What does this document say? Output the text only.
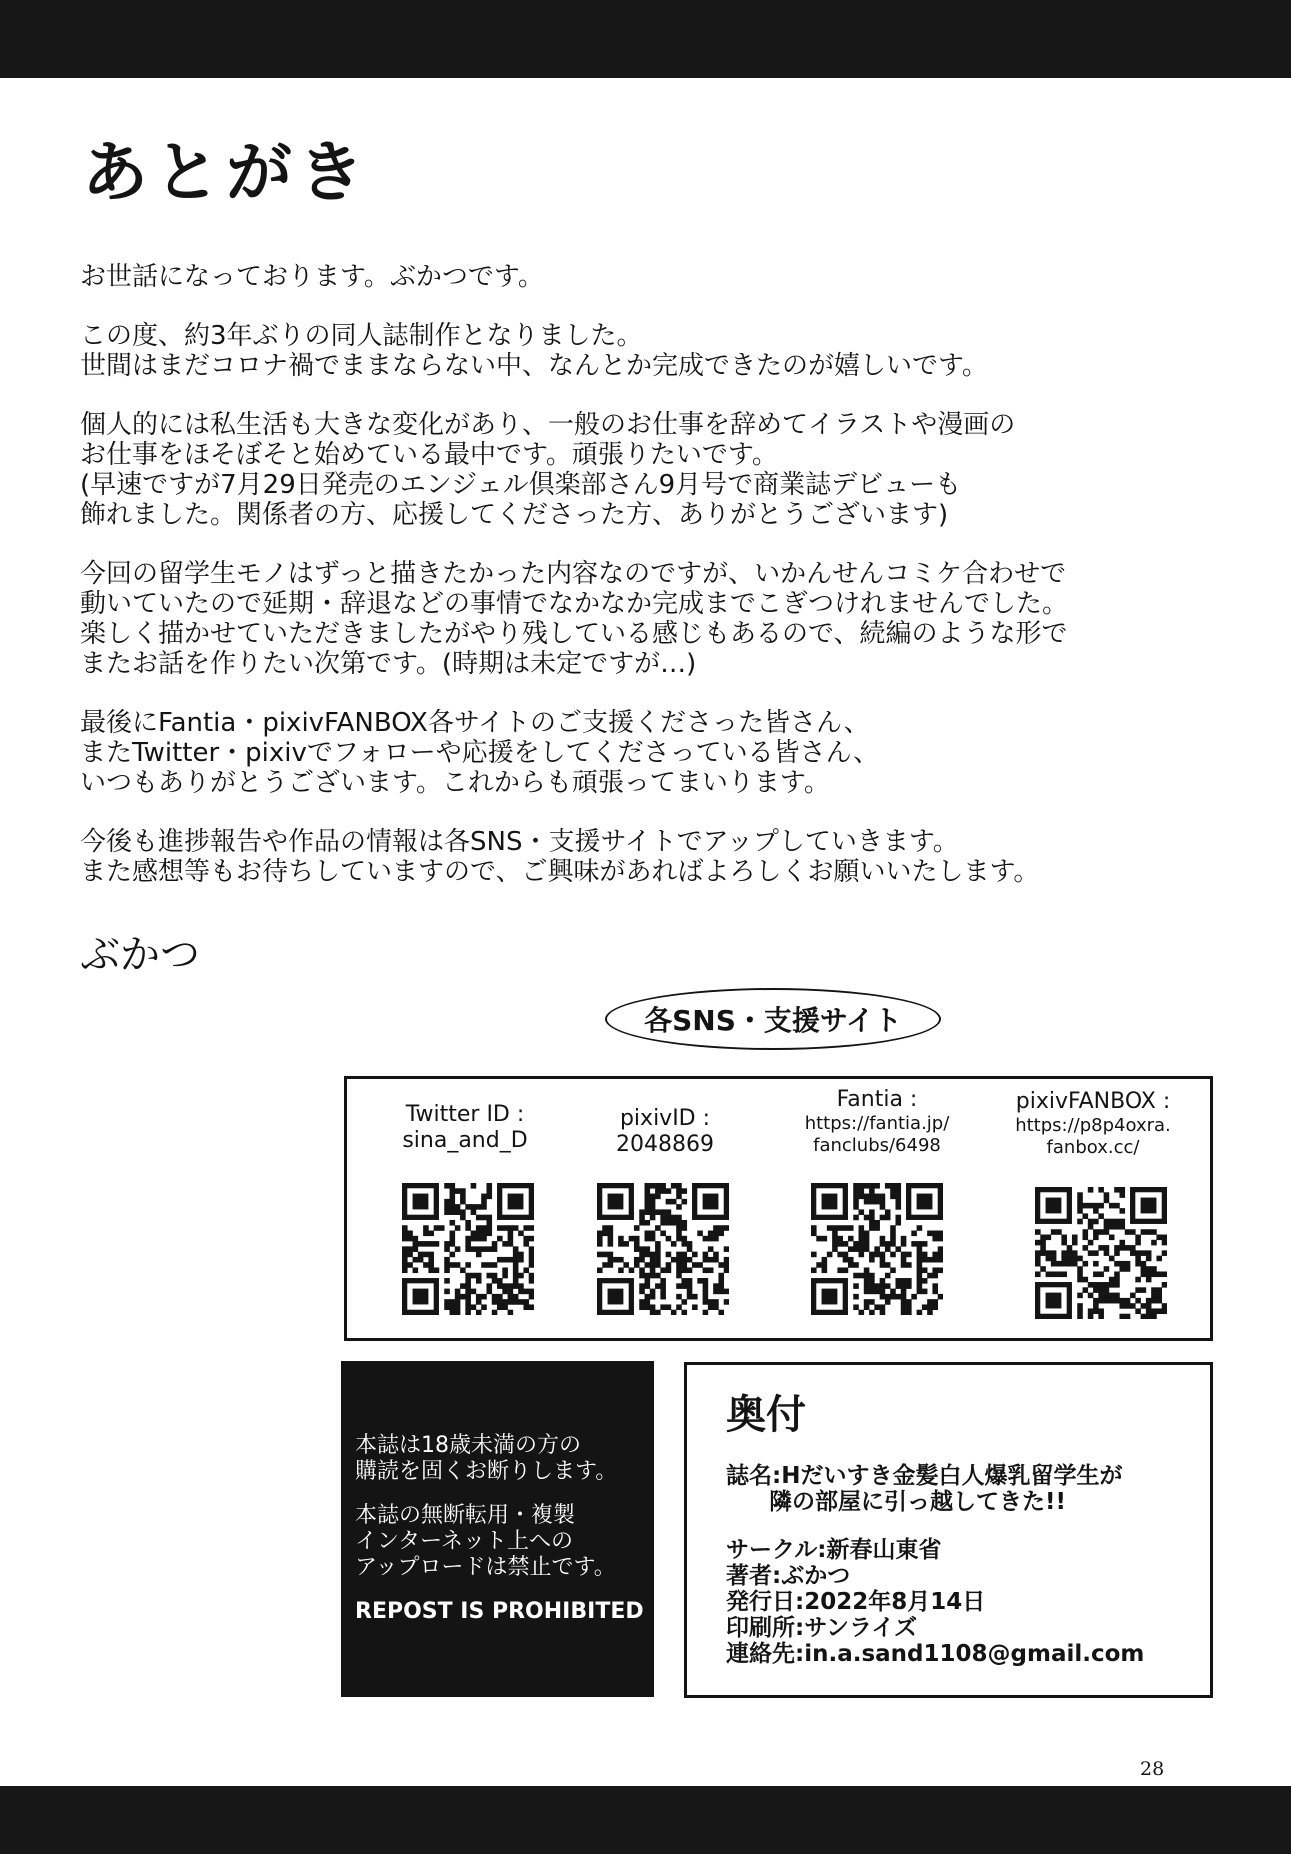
あとがき

お世話になっております。ぶかつです。

この度、約3年ぶりの同人誌制作となりました。
世間はまだコロナ禍でままならない中、なんとか完成できたのが嬉しいです。

個人的には私生活も大きな変化があり、一般のお仕事を辞めてイラストや漫画の
お仕事をほそぼそと始めている最中です。頑張りたいです。
(早速ですが7月29日発売のエンジェル倶楽部さん9月号で商業誌デビューも
飾れました。関係者の方、応援してくださった方、ありがとうございます)

今回の留学生モノはずっと描きたかった内容なのですが、いかんせんコミケ合わせで
動いていたので延期・辞退などの事情でなかなか完成までこぎつけれませんでした。
楽しく描かせていただきましたがやり残している感じもあるので、続編のような形で
またお話を作りたい次第です。(時期は未定ですが…)

最後にFantia・pixivFANBOX各サイトのご支援くださった皆さん、
またTwitter・pixivでフォローや応援をしてくださっている皆さん、
いつもありがとうございます。これからも頑張ってまいります。

今後も進捗報告や作品の情報は各SNS・支援サイトでアップしていきます。
また感想等もお待ちしていますので、ご興味があればよろしくお願いいたします。

ぶかつ
各SNS・支援サイト
Twitter ID :
sina_and_D
pixivID :
2048869
Fantia :
https://fantia.jp/
fanclubs/6498
pixivFANBOX :
https://p8p4oxra.
fanbox.cc/
本誌は18歳未満の方の
購読を固くお断りします。
本誌の無断転用・複製
インターネット上への
アップロードは禁止です。
REPOST IS PROHIBITED
奥付
誌名:Hだいすき金髪白人爆乳留学生が
隣の部屋に引っ越してきた!!
サークル:新春山東省
著者:ぶかつ
発行日:2022年8月14日
印刷所:サンライズ
連絡先:in.a.sand1108@gmail.com
28
